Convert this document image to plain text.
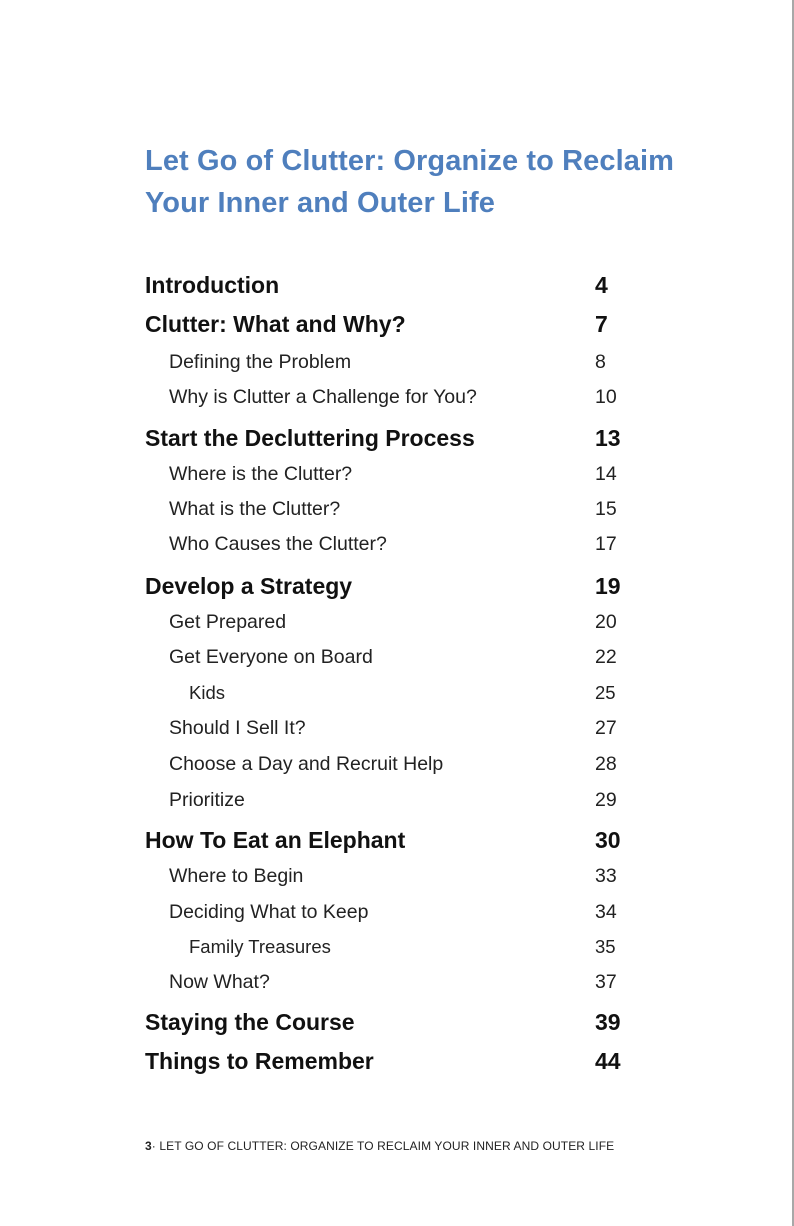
Let Go of Clutter: Organize to Reclaim Your Inner and Outer Life
Introduction	4
Clutter: What and Why?	7
Defining the Problem	8
Why is Clutter a Challenge for You?	10
Start the Decluttering Process	13
Where is the Clutter?	14
What is the Clutter?	15
Who Causes the Clutter?	17
Develop a Strategy	19
Get Prepared	20
Get Everyone on Board	22
Kids	25
Should I Sell It?	27
Choose a Day and Recruit Help	28
Prioritize	29
How To Eat an Elephant	30
Where to Begin	33
Deciding What to Keep	34
Family Treasures	35
Now What?	37
Staying the Course	39
Things to Remember	44
3· LET GO OF CLUTTER: ORGANIZE TO RECLAIM YOUR INNER AND OUTER LIFE
